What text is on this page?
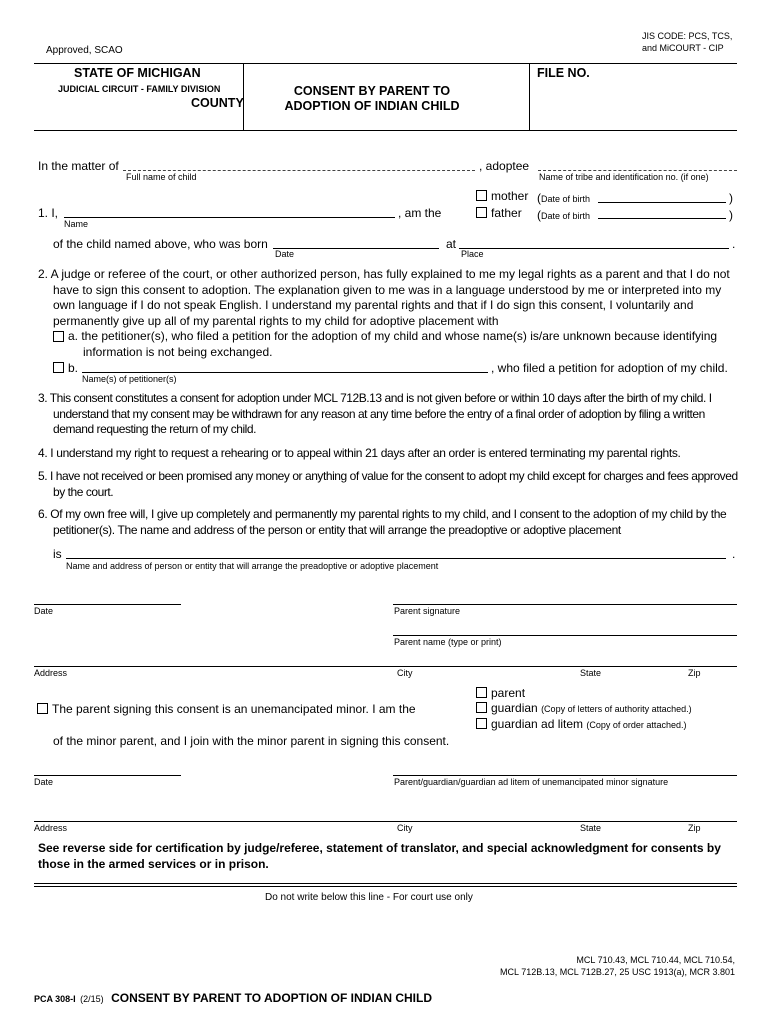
JIS CODE: PCS, TCS,
and MiCOURT - CIP
Approved, SCAO
STATE OF MICHIGAN
JUDICIAL CIRCUIT - FAMILY DIVISION
COUNTY
CONSENT BY PARENT TO
ADOPTION OF INDIAN CHILD
FILE NO.
In the matter of	, adoptee
Full name of child	Name of tribe and identification no. (if one)
mother (Date of birth	)
1. I,	, am the
Name
father (Date of birth	)
of the child named above, who was born	at	.
Date	Place
2. A judge or referee of the court, or other authorized person, has fully explained to me my legal rights as a parent and that I do not have to sign this consent to adoption. The explanation given to me was in a language understood by me or interpreted into my own language if I do not speak English. I understand my parental rights and that if I do sign this consent, I voluntarily and permanently give up all of my parental rights to my child for adoptive placement with
a. the petitioner(s), who filed a petition for the adoption of my child and whose name(s) is/are unknown because identifying information is not being exchanged.
b.	, who filed a petition for adoption of my child.
Name(s) of petitioner(s)
3. This consent constitutes a consent for adoption under MCL 712B.13 and is not given before or within 10 days after the birth of my child. I understand that my consent may be withdrawn for any reason at any time before the entry of a final order of adoption by filing a written demand requesting the return of my child.
4. I understand my right to request a rehearing or to appeal within 21 days after an order is entered terminating my parental rights.
5. I have not received or been promised any money or anything of value for the consent to adopt my child except for charges and fees approved by the court.
6. Of my own free will, I give up completely and permanently my parental rights to my child, and I consent to the adoption of my child by the petitioner(s). The name and address of the person or entity that will arrange the preadoptive or adoptive placement
is	.
Name and address of person or entity that will arrange the preadoptive or adoptive placement
Date	Parent signature
Parent name (type or print)
Address	City	State	Zip
The parent signing this consent is an unemancipated minor. I am the
parent
guardian (Copy of letters of authority attached.)
guardian ad litem (Copy of order attached.)
of the minor parent, and I join with the minor parent in signing this consent.
Date	Parent/guardian/guardian ad litem of unemancipated minor signature
Address	City	State	Zip
See reverse side for certification by judge/referee, statement of translator, and special acknowledgment for consents by those in the armed services or in prison.
Do not write below this line - For court use only
MCL 710.43, MCL 710.44, MCL 710.54,
MCL 712B.13, MCL 712B.27, 25 USC 1913(a), MCR 3.801
PCA 308-I (2/15) CONSENT BY PARENT TO ADOPTION OF INDIAN CHILD
